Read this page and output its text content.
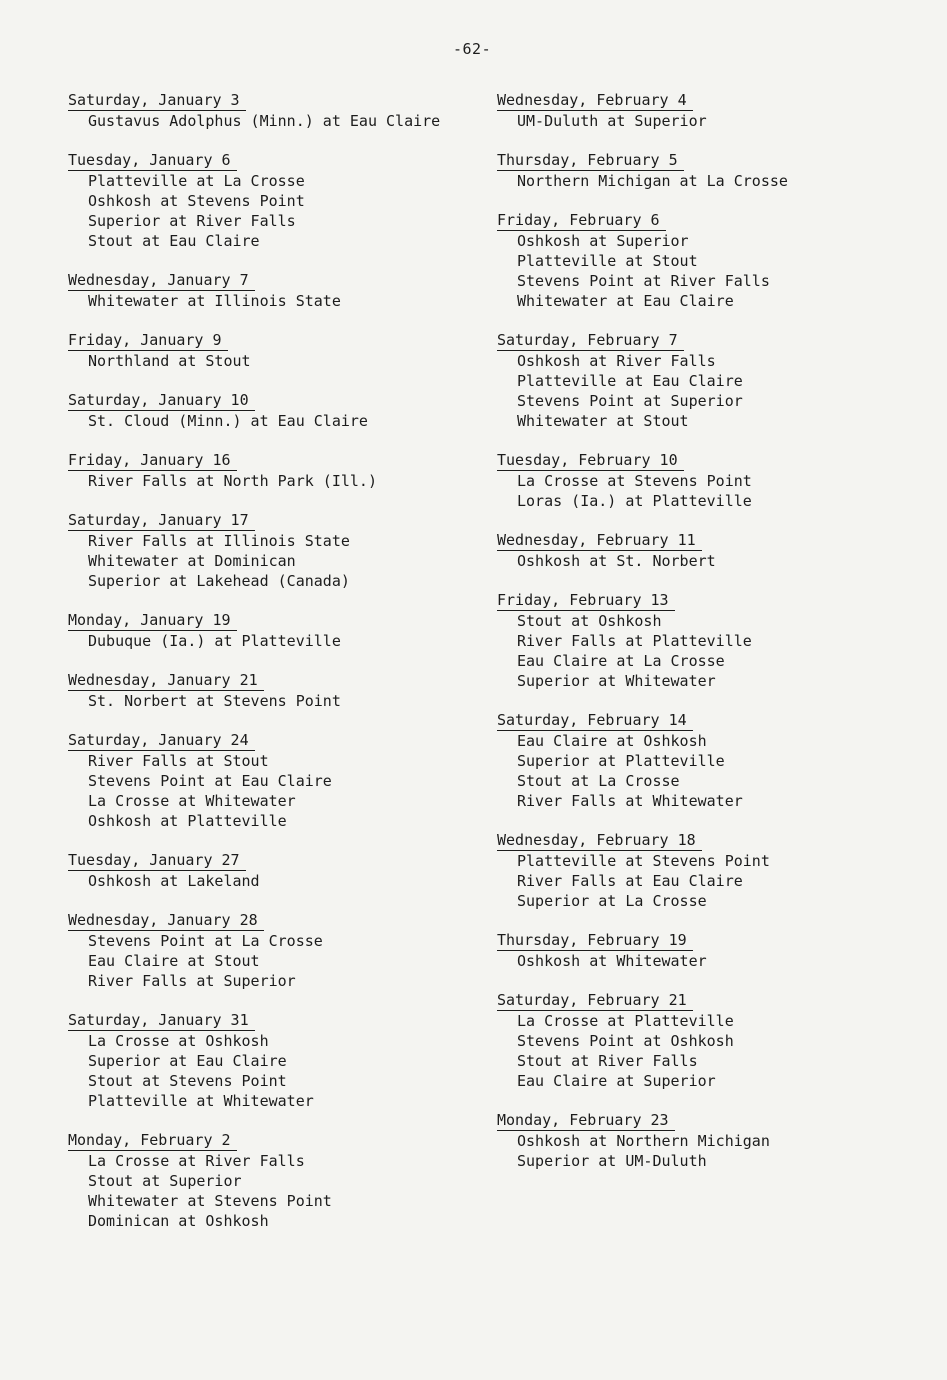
-62-
Saturday, January 3
Gustavus Adolphus (Minn.) at Eau Claire
Tuesday, January 6
Platteville at La Crosse
Oshkosh at Stevens Point
Superior at River Falls
Stout at Eau Claire
Wednesday, January 7
Whitewater at Illinois State
Friday, January 9
Northland at Stout
Saturday, January 10
St. Cloud (Minn.) at Eau Claire
Friday, January 16
River Falls at North Park (Ill.)
Saturday, January 17
River Falls at Illinois State
Whitewater at Dominican
Superior at Lakehead (Canada)
Monday, January 19
Dubuque (Ia.) at Platteville
Wednesday, January 21
St. Norbert at Stevens Point
Saturday, January 24
River Falls at Stout
Stevens Point at Eau Claire
La Crosse at Whitewater
Oshkosh at Platteville
Tuesday, January 27
Oshkosh at Lakeland
Wednesday, January 28
Stevens Point at La Crosse
Eau Claire at Stout
River Falls at Superior
Saturday, January 31
La Crosse at Oshkosh
Superior at Eau Claire
Stout at Stevens Point
Platteville at Whitewater
Monday, February 2
La Crosse at River Falls
Stout at Superior
Whitewater at Stevens Point
Dominican at Oshkosh
Wednesday, February 4
UM-Duluth at Superior
Thursday, February 5
Northern Michigan at La Crosse
Friday, February 6
Oshkosh at Superior
Platteville at Stout
Stevens Point at River Falls
Whitewater at Eau Claire
Saturday, February 7
Oshkosh at River Falls
Platteville at Eau Claire
Stevens Point at Superior
Whitewater at Stout
Tuesday, February 10
La Crosse at Stevens Point
Loras (Ia.) at Platteville
Wednesday, February 11
Oshkosh at St. Norbert
Friday, February 13
Stout at Oshkosh
River Falls at Platteville
Eau Claire at La Crosse
Superior at Whitewater
Saturday, February 14
Eau Claire at Oshkosh
Superior at Platteville
Stout at La Crosse
River Falls at Whitewater
Wednesday, February 18
Platteville at Stevens Point
River Falls at Eau Claire
Superior at La Crosse
Thursday, February 19
Oshkosh at Whitewater
Saturday, February 21
La Crosse at Platteville
Stevens Point at Oshkosh
Stout at River Falls
Eau Claire at Superior
Monday, February 23
Oshkosh at Northern Michigan
Superior at UM-Duluth
